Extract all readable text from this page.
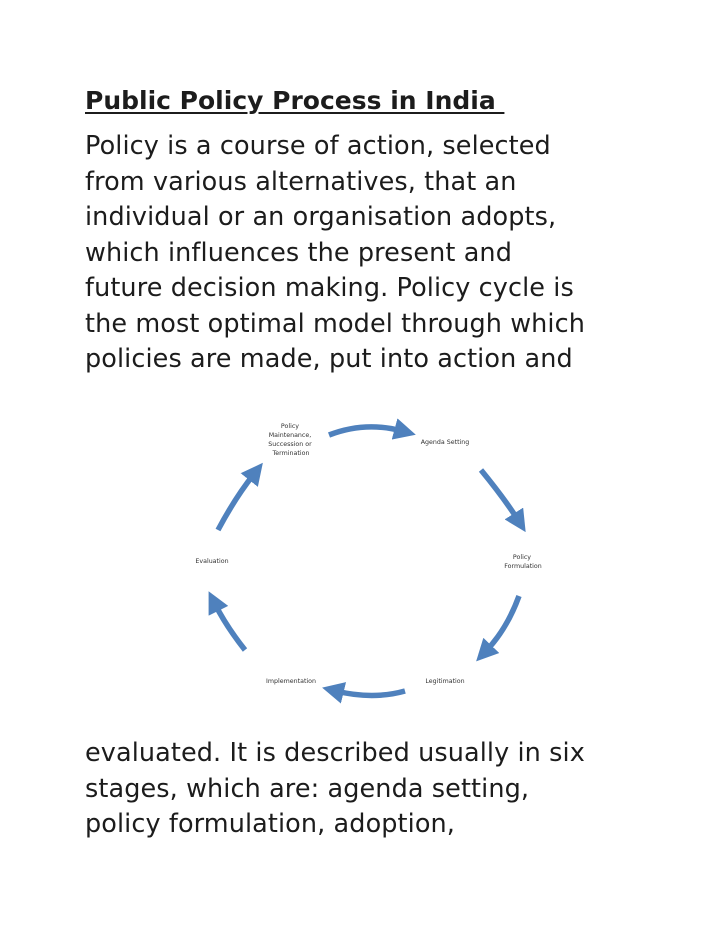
Public Policy Process in India
Policy is a course of action, selected
from various alternatives, that an
individual or an organisation adopts,
which influences the present and
future decision making. Policy cycle is
the most optimal model through which
policies are made, put into action and
Policy Maintenance, Succession or Termination
Agenda Setting
Policy Formulation
Legitimation
Implementation
Evaluation
evaluated. It is described usually in six
stages, which are: agenda setting,
policy formulation, adoption,
